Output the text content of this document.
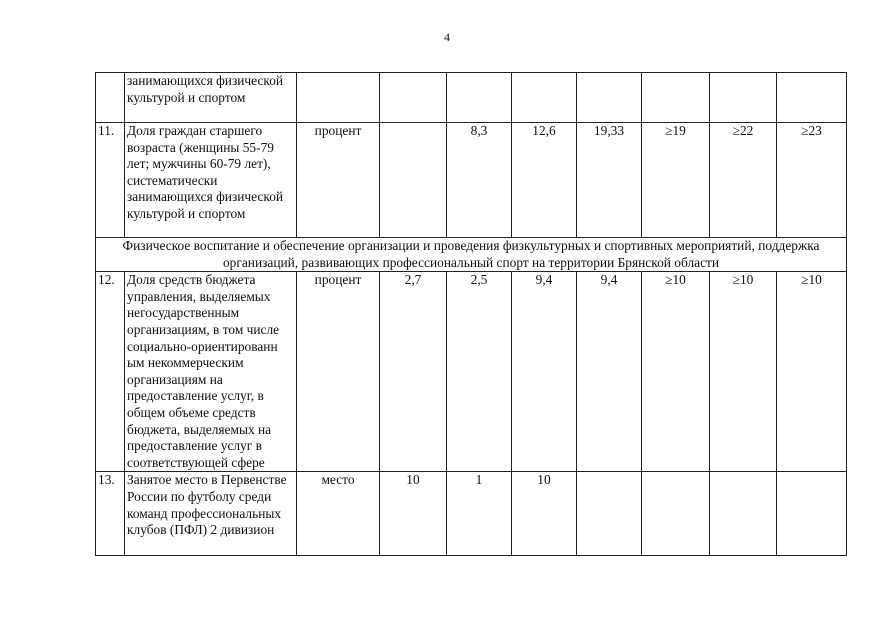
4
	занимающихся физической культурой и спортом								
11.	Доля граждан старшего возраста (женщины 55-79 лет; мужчины 60-79 лет), систематически занимающихся физической культурой и спортом	процент		8,3	12,6	19,33	≥19	≥22	≥23
Физическое воспитание и обеспечение организации и проведения физкультурных и спортивных мероприятий, поддержка организаций, развивающих профессиональный спорт на территории Брянской области									
12.	Доля средств бюджета управления, выделяемых негосударственным организациям, в том числе социально-ориентированн ым некоммерческим организациям на предоставление услуг, в общем объеме средств бюджета, выделяемых на предоставление услуг в соответствующей сфере	процент	2,7	2,5	9,4	9,4	≥10	≥10	≥10
13.	Занятое место в Первенстве России по футболу среди команд профессиональных клубов (ПФЛ) 2 дивизион	место	10	1	10				
